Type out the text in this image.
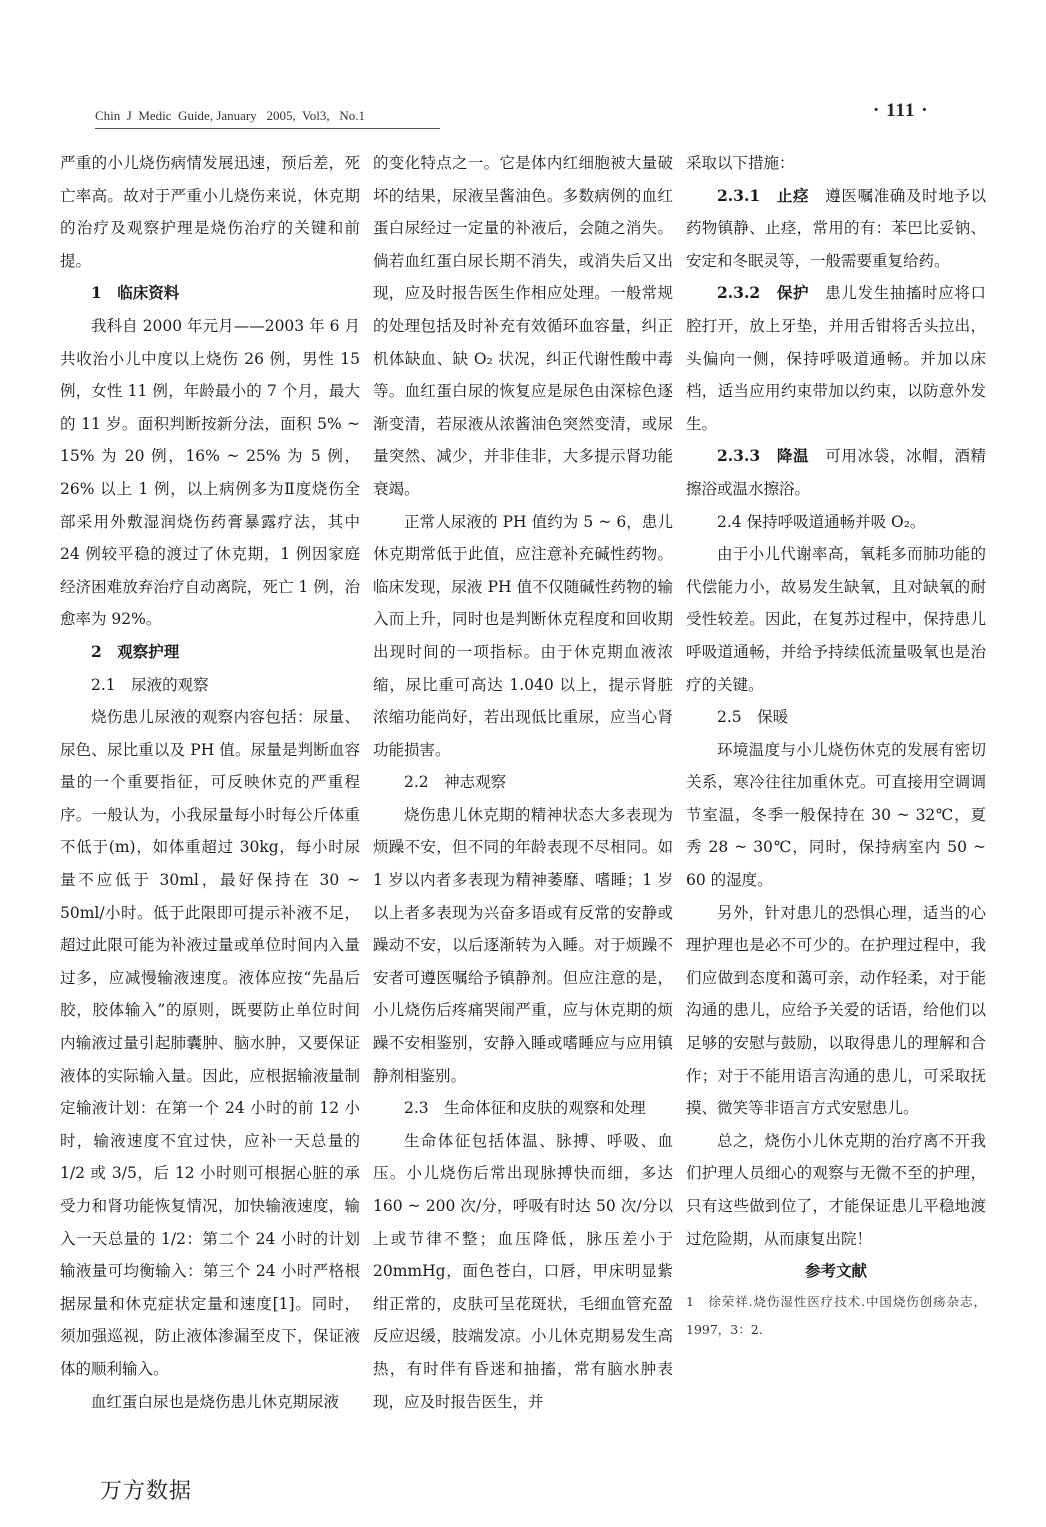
Chin  J  Medic  Guide, January   2005,  Vol3,   No.1	· 111 ·

严重的小儿烧伤病情发展迅速，预后差，死亡率高。故对于严重小儿烧伤来说，休克期的治疗及观察护理是烧伤治疗的关键和前提。

1　临床资料

我科自 2000 年元月——2003 年 6 月共收治小儿中度以上烧伤 26 例，男性 15 例，女性 11 例，年龄最小的 7 个月，最大的 11 岁。面积判断按新分法，面积 5% ~ 15% 为 20 例，16% ~ 25% 为 5 例，26% 以上 1 例，以上病例多为Ⅱ度烧伤全部采用外敷湿润烧伤药膏暴露疗法，其中 24 例较平稳的渡过了休克期，1 例因家庭经济困难放弃治疗自动离院，死亡 1 例，治愈率为 92%。

2　观察护理
2.1　尿液的观察

烧伤患儿尿液的观察内容包括：尿量、尿色、尿比重以及 PH 值。尿量是判断血容量的一个重要指征，可反映休克的严重程序。一般认为，小我尿量每小时每公斤体重不低于(m)，如体重超过 30kg，每小时尿量不应低于 30ml，最好保持在 30 ~ 50ml/小时。低于此限即可提示补液不足，超过此限可能为补液过量或单位时间内入量过多，应减慢输液速度。液体应按“先晶后胶，胶体输入”的原则，既要防止单位时间内输液过量引起肺囊肿、脑水肿，又要保证液体的实际输入量。因此，应根据输液量制定输液计划：在第一个 24 小时的前 12 小时，输液速度不宜过快，应补一天总量的 1/2 或 3/5，后 12 小时则可根据心脏的承受力和肾功能恢复情况，加快输液速度，输入一天总量的 1/2：第二个 24 小时的计划输液量可均衡输入：第三个 24 小时严格根据尿量和休克症状定量和速度[1]。同时，须加强巡视，防止液体渗漏至皮下，保证液体的顺利输入。

血红蛋白尿也是烧伤患儿休克期尿液

的变化特点之一。它是体内红细胞被大量破坏的结果，尿液呈酱油色。多数病例的血红蛋白尿经过一定量的补液后，会随之消失。倘若血红蛋白尿长期不消失，或消失后又出现，应及时报告医生作相应处理。一般常规的处理包括及时补充有效循环血容量，纠正机体缺血、缺 O₂ 状况，纠正代谢性酸中毒等。血红蛋白尿的恢复应是尿色由深棕色逐渐变清，若尿液从浓酱油色突然变清，或尿量突然、减少，并非佳非，大多提示肾功能衰竭。

正常人尿液的 PH 值约为 5 ~ 6，患儿休克期常低于此值，应注意补充碱性药物。临床发现，尿液 PH 值不仅随碱性药物的输入而上升，同时也是判断休克程度和回收期出现时间的一项指标。由于休克期血液浓缩，尿比重可高达 1.040 以上，提示肾脏浓缩功能尚好，若出现低比重尿，应当心肾功能损害。

2.2　神志观察

烧伤患儿休克期的精神状态大多表现为烦躁不安，但不同的年龄表现不尽相同。如 1 岁以内者多表现为精神萎靡、嗜睡；1 岁以上者多表现为兴奋多语或有反常的安静或躁动不安，以后逐渐转为入睡。对于烦躁不安者可遵医嘱给予镇静剂。但应注意的是，小儿烧伤后疼痛哭闹严重，应与休克期的烦躁不安相鉴别，安静入睡或嗜睡应与应用镇静剂相鉴别。

2.3　生命体征和皮肤的观察和处理

生命体征包括体温、脉搏、呼吸、血压。小儿烧伤后常出现脉搏快而细，多达 160 ~ 200 次/分，呼吸有时达 50 次/分以上或节律不整；血压降低，脉压差小于 20mmHg，面色苍白，口唇，甲床明显紫绀正常的，皮肤可呈花斑状，毛细血管充盈反应迟缓，肢端发凉。小儿休克期易发生高热，有时伴有昏迷和抽搐，常有脑水肿表现，应及时报告医生，并

采取以下措施：

2.3.1　止痉　遵医嘱准确及时地予以药物镇静、止痉，常用的有：苯巴比妥钠、安定和冬眠灵等，一般需要重复给药。

2.3.2　保护　患儿发生抽搐时应将口腔打开，放上牙垫，并用舌钳将舌头拉出，头偏向一侧，保持呼吸道通畅。并加以床档，适当应用约束带加以约束，以防意外发生。

2.3.3　降温　可用冰袋，冰帽，酒精擦浴或温水擦浴。

2.4 保持呼吸道通畅并吸 O₂。

由于小儿代谢率高，氧耗多而肺功能的代偿能力小，故易发生缺氧，且对缺氧的耐受性较差。因此，在复苏过程中，保持患儿呼吸道通畅，并给予持续低流量吸氧也是治疗的关键。

2.5　保暖

环境温度与小儿烧伤休克的发展有密切关系，寒冷往往加重休克。可直接用空调调节室温，冬季一般保持在 30 ~ 32℃，夏秀 28 ~ 30℃，同时，保持病室内 50 ~ 60 的湿度。

另外，针对患儿的恐惧心理，适当的心理护理也是必不可少的。在护理过程中，我们应做到态度和蔼可亲，动作轻柔，对于能沟通的患儿，应给予关爱的话语，给他们以足够的安慰与鼓励，以取得患儿的理解和合作；对于不能用语言沟通的患儿，可采取抚摸、微笑等非语言方式安慰患儿。

总之，烧伤小儿休克期的治疗离不开我们护理人员细心的观察与无微不至的护理，只有这些做到位了，才能保证患儿平稳地渡过危险期，从而康复出院！

参考文献

1　徐荣祥.烧伤湿性医疗技术.中国烧伤创疡杂志，1997，3：2.

万方数据
